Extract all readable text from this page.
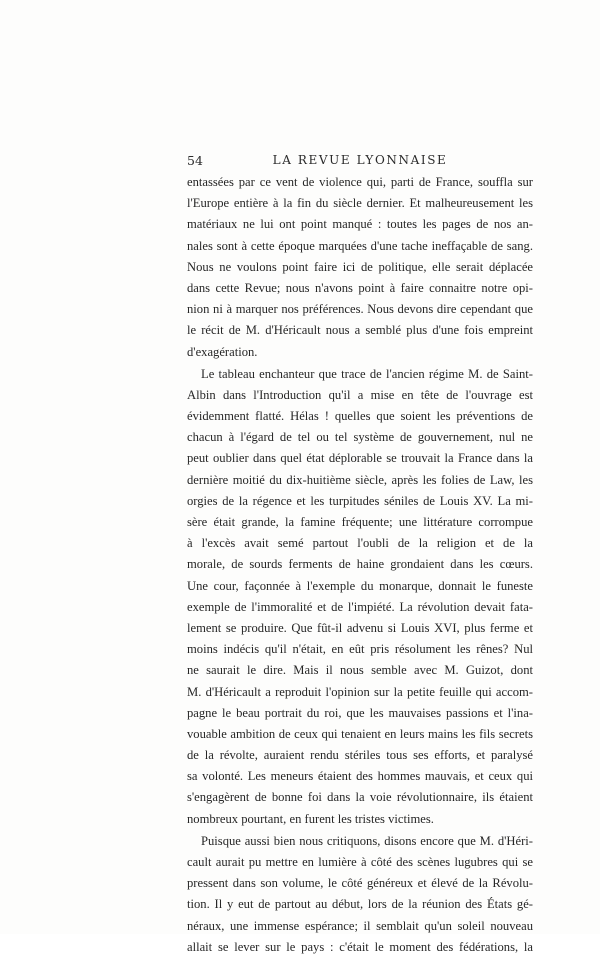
54	LA REVUE LYONNAISE
entassées par ce vent de violence qui, parti de France, souffla sur
l'Europe entière à la fin du siècle dernier. Et malheureusement les
matériaux ne lui ont point manqué : toutes les pages de nos an-
nales sont à cette époque marquées d'une tache ineffaçable de sang.
Nous ne voulons point faire ici de politique, elle serait déplacée
dans cette Revue; nous n'avons point à faire connaitre notre opi-
nion ni à marquer nos préférences. Nous devons dire cependant que
le récit de M. d'Héricault nous a semblé plus d'une fois empreint
d'exagération.
Le tableau enchanteur que trace de l'ancien régime M. de Saint-
Albin dans l'Introduction qu'il a mise en tête de l'ouvrage est
évidemment flatté. Hélas ! quelles que soient les préventions de
chacun à l'égard de tel ou tel système de gouvernement, nul ne
peut oublier dans quel état déplorable se trouvait la France dans la
dernière moitié du dix-huitième siècle, après les folies de Law, les
orgies de la régence et les turpitudes séniles de Louis XV. La mi-
sère était grande, la famine fréquente; une littérature corrompue
à l'excès avait semé partout l'oubli de la religion et de la
morale, de sourds ferments de haine grondaient dans les cœurs.
Une cour, façonnée à l'exemple du monarque, donnait le funeste
exemple de l'immoralité et de l'impiété. La révolution devait fata-
lement se produire. Que fût-il advenu si Louis XVI, plus ferme et
moins indécis qu'il n'était, en eût pris résolument les rênes? Nul
ne saurait le dire. Mais il nous semble avec M. Guizot, dont
M. d'Héricault a reproduit l'opinion sur la petite feuille qui accom-
pagne le beau portrait du roi, que les mauvaises passions et l'ina-
vouable ambition de ceux qui tenaient en leurs mains les fils secrets
de la révolte, auraient rendu stériles tous ses efforts, et paralysé
sa volonté. Les meneurs étaient des hommes mauvais, et ceux qui
s'engagèrent de bonne foi dans la voie révolutionnaire, ils étaient
nombreux pourtant, en furent les tristes victimes.
Puisque aussi bien nous critiquons, disons encore que M. d'Héri-
cault aurait pu mettre en lumière à côté des scènes lugubres qui se
pressent dans son volume, le côté généreux et élevé de la Révolu-
tion. Il y eut de partout au début, lors de la réunion des États gé-
néraux, une immense espérance; il semblait qu'un soleil nouveau
allait se lever sur le pays : c'était le moment des fédérations, la
